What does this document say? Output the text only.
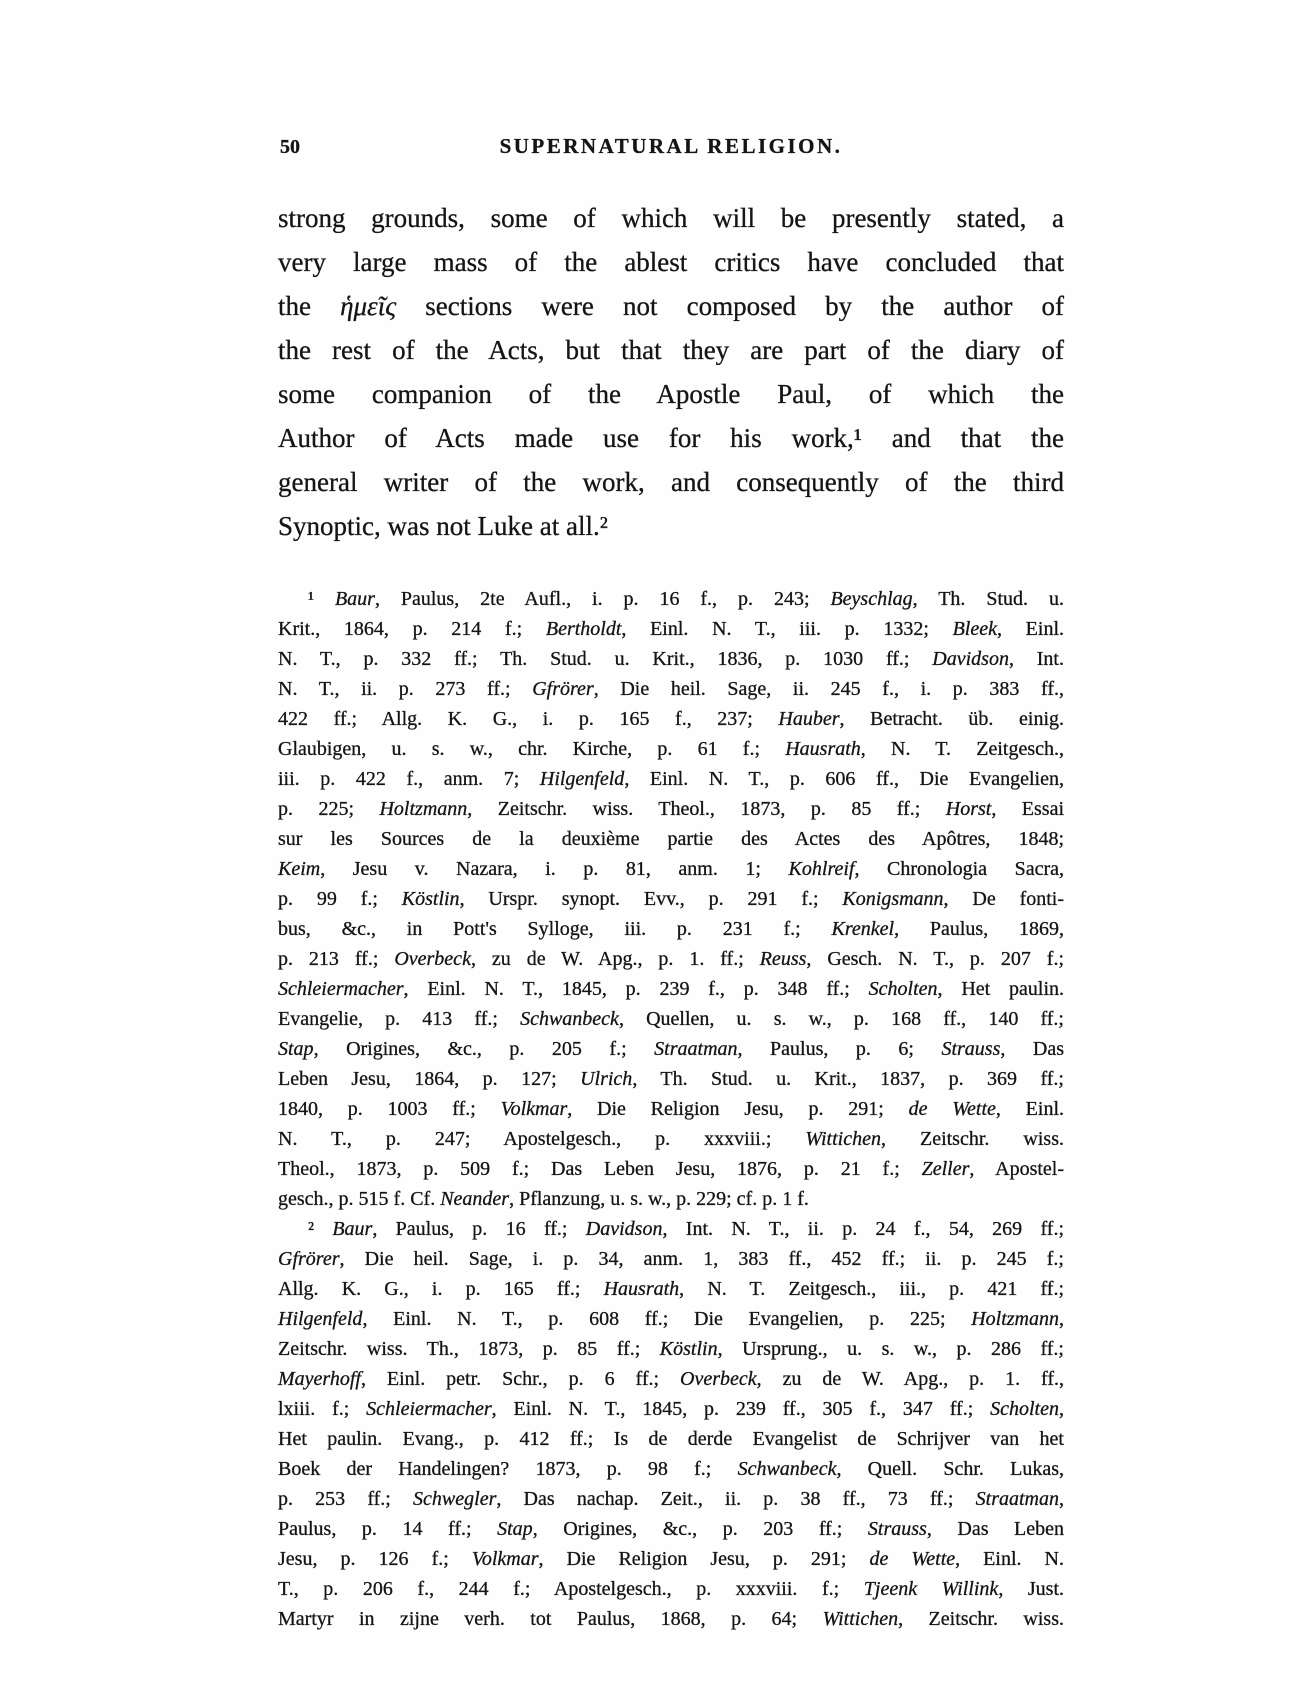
50	SUPERNATURAL RELIGION.
strong grounds, some of which will be presently stated, a
very large mass of the ablest critics have concluded that
the ἡμεῖς sections were not composed by the author of
the rest of the Acts, but that they are part of the diary of
some companion of the Apostle Paul, of which the
Author of Acts made use for his work,¹ and that the
general writer of the work, and consequently of the third
Synoptic, was not Luke at all.²
¹ Baur, Paulus, 2te Aufl., i. p. 16 f., p. 243; Beyschlag, Th. Stud. u.
Krit., 1864, p. 214 f.; Bertholdt, Einl. N. T., iii. p. 1332; Bleek, Einl.
N. T., p. 332 ff.; Th. Stud. u. Krit., 1836, p. 1030 ff.; Davidson, Int.
N. T., ii. p. 273 ff.; Gfrörer, Die heil. Sage, ii. 245 f., i. p. 383 ff.,
422 ff.; Allg. K. G., i. p. 165 f., 237; Hauber, Betracht. üb. einig.
Glaubigen, u. s. w., chr. Kirche, p. 61 f.; Hausrath, N. T. Zeitgesch.,
iii. p. 422 f., anm. 7; Hilgenfeld, Einl. N. T., p. 606 ff., Die Evangelien,
p. 225; Holtzmann, Zeitschr. wiss. Theol., 1873, p. 85 ff.; Horst, Essai
sur les Sources de la deuxième partie des Actes des Apôtres, 1848;
Keim, Jesu v. Nazara, i. p. 81, anm. 1; Kohlreif, Chronologia Sacra,
p. 99 f.; Köstlin, Urspr. synopt. Evv., p. 291 f.; Konigsmann, De fonti-
bus, &c., in Pott's Sylloge, iii. p. 231 f.; Krenkel, Paulus, 1869,
p. 213 ff.; Overbeck, zu de W. Apg., p. 1. ff.; Reuss, Gesch. N. T., p. 207 f.;
Schleiermacher, Einl. N. T., 1845, p. 239 f., p. 348 ff.; Scholten, Het paulin.
Evangelie, p. 413 ff.; Schwanbeck, Quellen, u. s. w., p. 168 ff., 140 ff.;
Stap, Origines, &c., p. 205 f.; Straatman, Paulus, p. 6; Strauss, Das
Leben Jesu, 1864, p. 127; Ulrich, Th. Stud. u. Krit., 1837, p. 369 ff.;
1840, p. 1003 ff.; Volkmar, Die Religion Jesu, p. 291; de Wette, Einl.
N. T., p. 247; Apostelgesch., p. xxxviii.; Wittichen, Zeitschr. wiss.
Theol., 1873, p. 509 f.; Das Leben Jesu, 1876, p. 21 f.; Zeller, Apostel-
gesch., p. 515 f. Cf. Neander, Pflanzung, u. s. w., p. 229; cf. p. 1 f.
² Baur, Paulus, p. 16 ff.; Davidson, Int. N. T., ii. p. 24 f., 54, 269 ff.;
Gfrörer, Die heil. Sage, i. p. 34, anm. 1, 383 ff., 452 ff.; ii. p. 245 f.;
Allg. K. G., i. p. 165 ff.; Hausrath, N. T. Zeitgesch., iii., p. 421 ff.;
Hilgenfeld, Einl. N. T., p. 608 ff.; Die Evangelien, p. 225; Holtzmann,
Zeitschr. wiss. Th., 1873, p. 85 ff.; Köstlin, Ursprung., u. s. w., p. 286 ff.;
Mayerhoff, Einl. petr. Schr., p. 6 ff.; Overbeck, zu de W. Apg., p. 1. ff.,
lxiii. f.; Schleiermacher, Einl. N. T., 1845, p. 239 ff., 305 f., 347 ff.; Scholten,
Het paulin. Evang., p. 412 ff.; Is de derde Evangelist de Schrijver van het
Boek der Handelingen? 1873, p. 98 f.; Schwanbeck, Quell. Schr. Lukas,
p. 253 ff.; Schwegler, Das nachap. Zeit., ii. p. 38 ff., 73 ff.; Straatman,
Paulus, p. 14 ff.; Stap, Origines, &c., p. 203 ff.; Strauss, Das Leben
Jesu, p. 126 f.; Volkmar, Die Religion Jesu, p. 291; de Wette, Einl. N.
T., p. 206 f., 244 f.; Apostelgesch., p. xxxviii. f.; Tjeenk Willink, Just.
Martyr in zijne verh. tot Paulus, 1868, p. 64; Wittichen, Zeitschr. wiss.
